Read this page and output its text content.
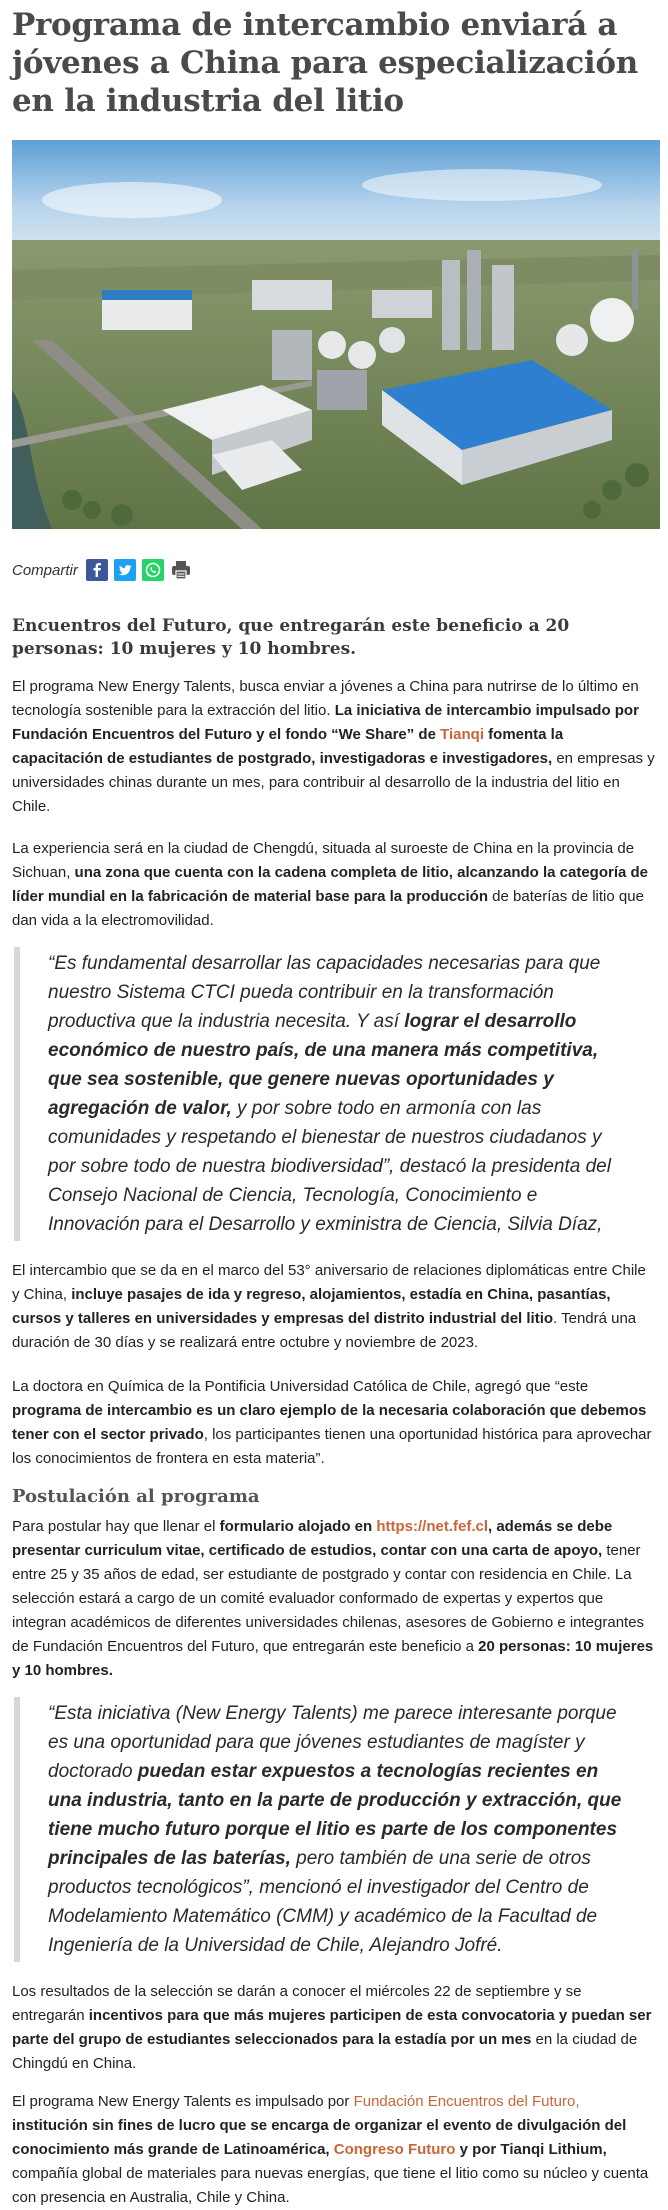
Programa de intercambio enviará a jóvenes a China para especialización en la industria del litio
Compartir
Encuentros del Futuro, que entregarán este beneficio a 20 personas: 10 mujeres y 10 hombres.

El programa New Energy Talents, busca enviar a jóvenes a China para nutrirse de lo último en tecnología sostenible para la extracción del litio. La iniciativa de intercambio impulsado por Fundación Encuentros del Futuro y el fondo “We Share” de Tianqi fomenta la capacitación de estudiantes de postgrado, investigadoras e investigadores, en empresas y universidades chinas durante un mes, para contribuir al desarrollo de la industria del litio en Chile.

La experiencia será en la ciudad de Chengdú, situada al suroeste de China en la provincia de Sichuan, una zona que cuenta con la cadena completa de litio, alcanzando la categoría de líder mundial en la fabricación de material base para la producción de baterías de litio que dan vida a la electromovilidad.

“Es fundamental desarrollar las capacidades necesarias para que nuestro Sistema CTCI pueda contribuir en la transformación productiva que la industria necesita. Y así lograr el desarrollo económico de nuestro país, de una manera más competitiva, que sea sostenible, que genere nuevas oportunidades y agregación de valor, y por sobre todo en armonía con las comunidades y respetando el bienestar de nuestros ciudadanos y por sobre todo de nuestra biodiversidad”, destacó la presidenta del Consejo Nacional de Ciencia, Tecnología, Conocimiento e Innovación para el Desarrollo y exministra de Ciencia, Silvia Díaz,

El intercambio que se da en el marco del 53° aniversario de relaciones diplomáticas entre Chile y China, incluye pasajes de ida y regreso, alojamientos, estadía en China, pasantías, cursos y talleres en universidades y empresas del distrito industrial del litio. Tendrá una duración de 30 días y se realizará entre octubre y noviembre de 2023.

La doctora en Química de la Pontificia Universidad Católica de Chile, agregó que “este programa de intercambio es un claro ejemplo de la necesaria colaboración que debemos tener con el sector privado, los participantes tienen una oportunidad histórica para aprovechar los conocimientos de frontera en esta materia”.

Postulación al programa

Para postular hay que llenar el formulario alojado en https://net.fef.cl, además se debe presentar curriculum vitae, certificado de estudios, contar con una carta de apoyo, tener entre 25 y 35 años de edad, ser estudiante de postgrado y contar con residencia en Chile. La selección estará a cargo de un comité evaluador conformado de expertas y expertos que integran académicos de diferentes universidades chilenas, asesores de Gobierno e integrantes de Fundación Encuentros del Futuro, que entregarán este beneficio a 20 personas: 10 mujeres y 10 hombres.

“Esta iniciativa (New Energy Talents) me parece interesante porque es una oportunidad para que jóvenes estudiantes de magíster y doctorado puedan estar expuestos a tecnologías recientes en una industria, tanto en la parte de producción y extracción, que tiene mucho futuro porque el litio es parte de los componentes principales de las baterías, pero también de una serie de otros productos tecnológicos”, mencionó el investigador del Centro de Modelamiento Matemático (CMM) y académico de la Facultad de Ingeniería de la Universidad de Chile, Alejandro Jofré.

Los resultados de la selección se darán a conocer el miércoles 22 de septiembre y se entregarán incentivos para que más mujeres participen de esta convocatoria y puedan ser parte del grupo de estudiantes seleccionados para la estadía por un mes en la ciudad de Chingdú en China.

El programa New Energy Talents es impulsado por Fundación Encuentros del Futuro, institución sin fines de lucro que se encarga de organizar el evento de divulgación del conocimiento más grande de Latinoamérica, Congreso Futuro y por Tianqi Lithium, compañía global de materiales para nuevas energías, que tiene el litio como su núcleo y cuenta con presencia en Australia, Chile y China.
